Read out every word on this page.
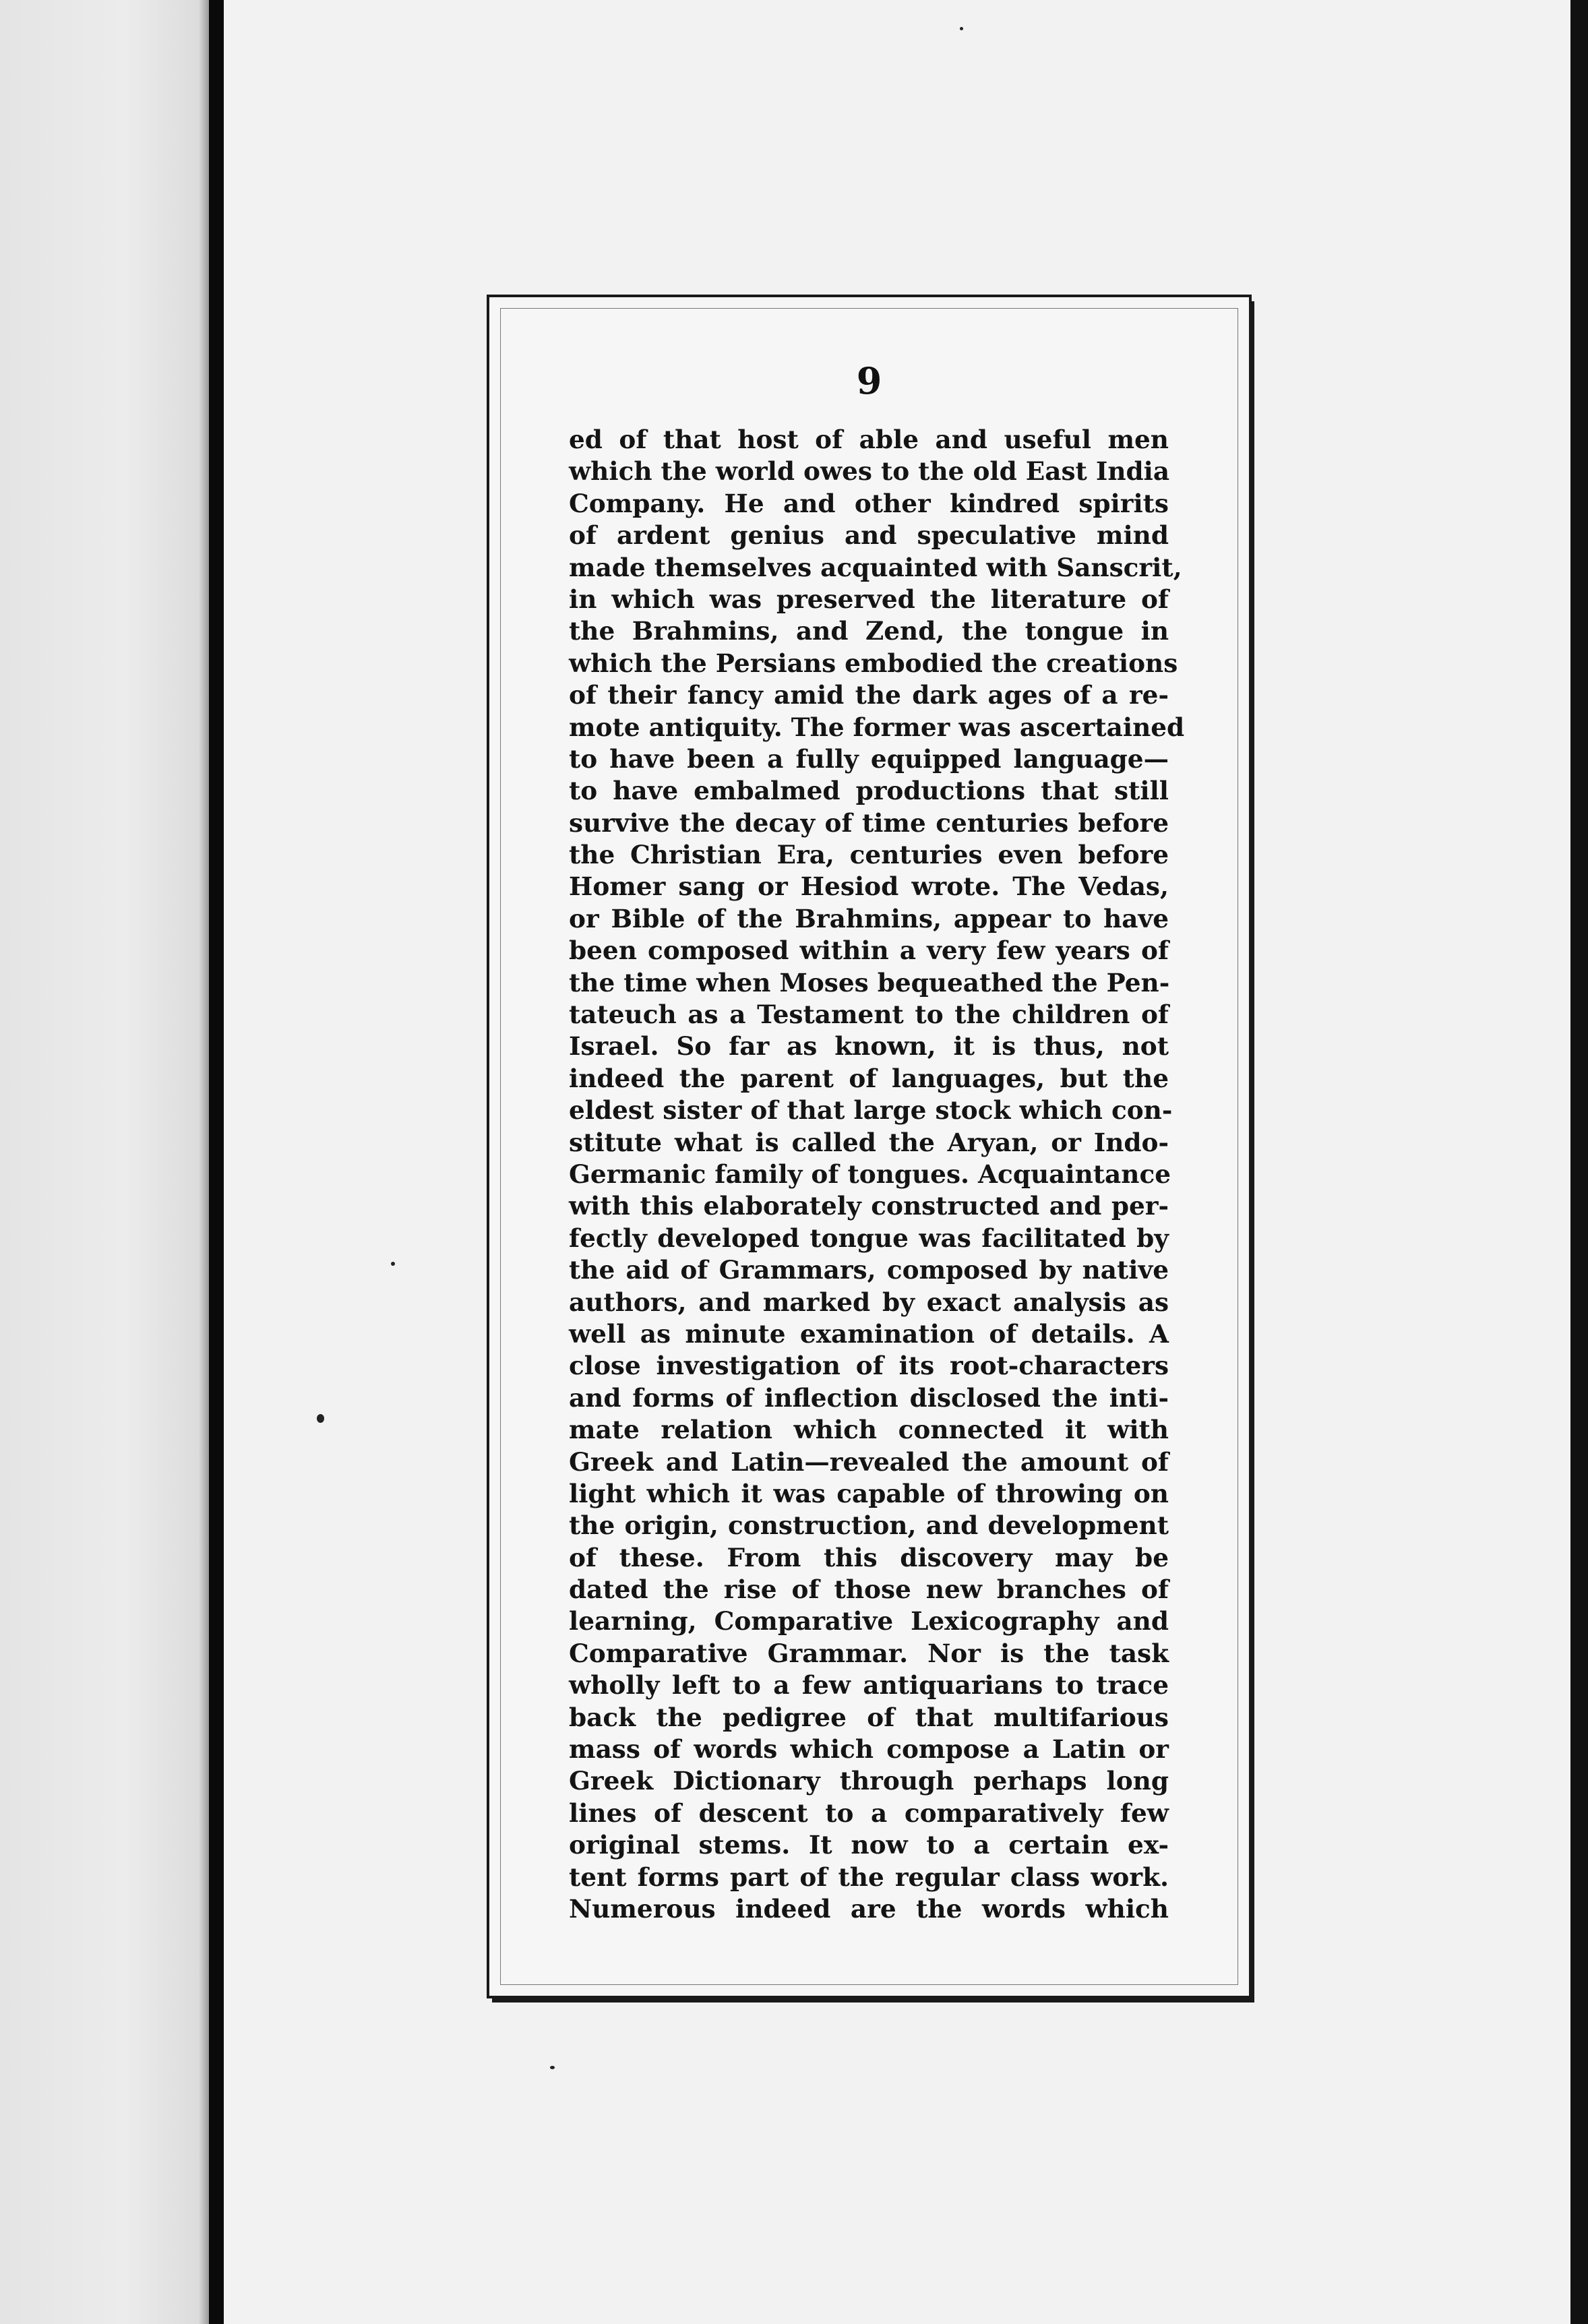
9
ed of that host of able and useful men
which the world owes to the old East India
Company. He and other kindred spirits
of ardent genius and speculative mind
made themselves acquainted with Sanscrit,
in which was preserved the literature of
the Brahmins, and Zend, the tongue in
which the Persians embodied the creations
of their fancy amid the dark ages of a re-
mote antiquity. The former was ascertained
to have been a fully equipped language—
to have embalmed productions that still
survive the decay of time centuries before
the Christian Era, centuries even before
Homer sang or Hesiod wrote. The Vedas,
or Bible of the Brahmins, appear to have
been composed within a very few years of
the time when Moses bequeathed the Pen-
tateuch as a Testament to the children of
Israel. So far as known, it is thus, not
indeed the parent of languages, but the
eldest sister of that large stock which con-
stitute what is called the Aryan, or Indo-
Germanic family of tongues. Acquaintance
with this elaborately constructed and per-
fectly developed tongue was facilitated by
the aid of Grammars, composed by native
authors, and marked by exact analysis as
well as minute examination of details. A
close investigation of its root-characters
and forms of inflection disclosed the inti-
mate relation which connected it with
Greek and Latin—revealed the amount of
light which it was capable of throwing on
the origin, construction, and development
of these. From this discovery may be
dated the rise of those new branches of
learning, Comparative Lexicography and
Comparative Grammar. Nor is the task
wholly left to a few antiquarians to trace
back the pedigree of that multifarious
mass of words which compose a Latin or
Greek Dictionary through perhaps long
lines of descent to a comparatively few
original stems. It now to a certain ex-
tent forms part of the regular class work.
Numerous indeed are the words which
